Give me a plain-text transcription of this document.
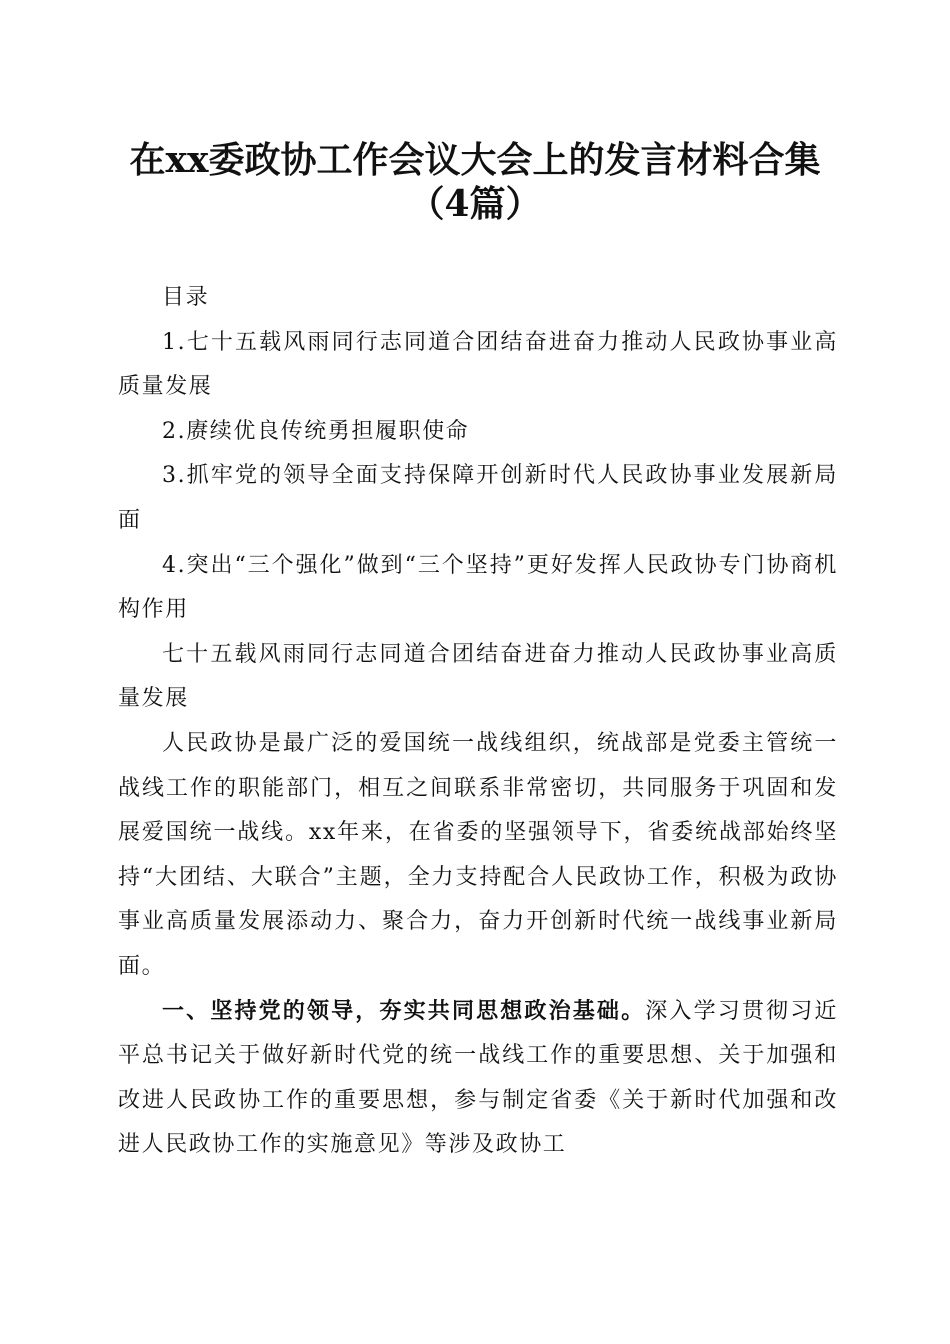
在xx委政协工作会议大会上的发言材料合集
（4篇）

目录

1.七十五载风雨同行志同道合团结奋进奋力推动人民政协事业高质量发展

2.赓续优良传统勇担履职使命

3.抓牢党的领导全面支持保障开创新时代人民政协事业发展新局面

4.突出“三个强化”做到“三个坚持”更好发挥人民政协专门协商机构作用

七十五载风雨同行志同道合团结奋进奋力推动人民政协事业高质量发展

人民政协是最广泛的爱国统一战线组织，统战部是党委主管统一战线工作的职能部门，相互之间联系非常密切，共同服务于巩固和发展爱国统一战线。xx年来，在省委的坚强领导下，省委统战部始终坚持“大团结、大联合”主题，全力支持配合人民政协工作，积极为政协事业高质量发展添动力、聚合力，奋力开创新时代统一战线事业新局面。

一、坚持党的领导，夯实共同思想政治基础。深入学习贯彻习近平总书记关于做好新时代党的统一战线工作的重要思想、关于加强和改进人民政协工作的重要思想，参与制定省委《关于新时代加强和改进人民政协工作的实施意见》等涉及政协工
